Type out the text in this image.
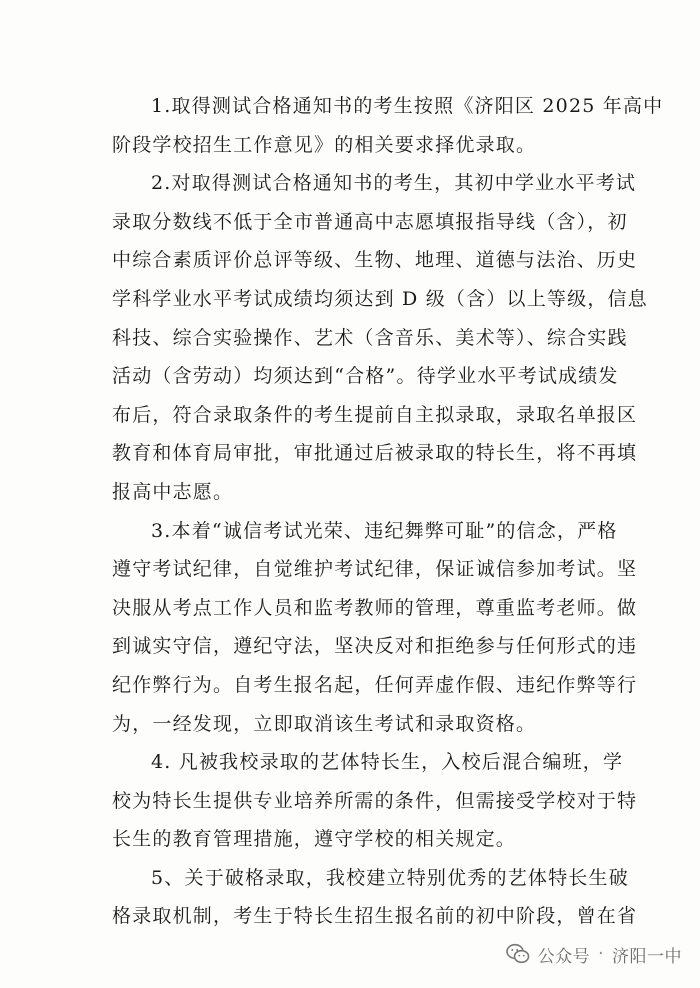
1.取得测试合格通知书的考生按照《济阳区 2025 年高中
阶段学校招生工作意见》的相关要求择优录取。
2.对取得测试合格通知书的考生，其初中学业水平考试
录取分数线不低于全市普通高中志愿填报指导线（含），初
中综合素质评价总评等级、生物、地理、道德与法治、历史
学科学业水平考试成绩均须达到 D 级（含）以上等级，信息
科技、综合实验操作、艺术（含音乐、美术等）、综合实践
活动（含劳动）均须达到“合格”。待学业水平考试成绩发
布后，符合录取条件的考生提前自主拟录取，录取名单报区
教育和体育局审批，审批通过后被录取的特长生，将不再填
报高中志愿。
3.本着“诚信考试光荣、违纪舞弊可耻”的信念，严格
遵守考试纪律，自觉维护考试纪律，保证诚信参加考试。坚
决服从考点工作人员和监考教师的管理，尊重监考老师。做
到诚实守信，遵纪守法，坚决反对和拒绝参与任何形式的违
纪作弊行为。自考生报名起，任何弄虚作假、违纪作弊等行
为，一经发现，立即取消该生考试和录取资格。
4. 凡被我校录取的艺体特长生，入校后混合编班，学
校为特长生提供专业培养所需的条件，但需接受学校对于特
长生的教育管理措施，遵守学校的相关规定。
5、关于破格录取，我校建立特别优秀的艺体特长生破
格录取机制，考生于特长生招生报名前的初中阶段，曾在省
公众号 · 济阳一中
